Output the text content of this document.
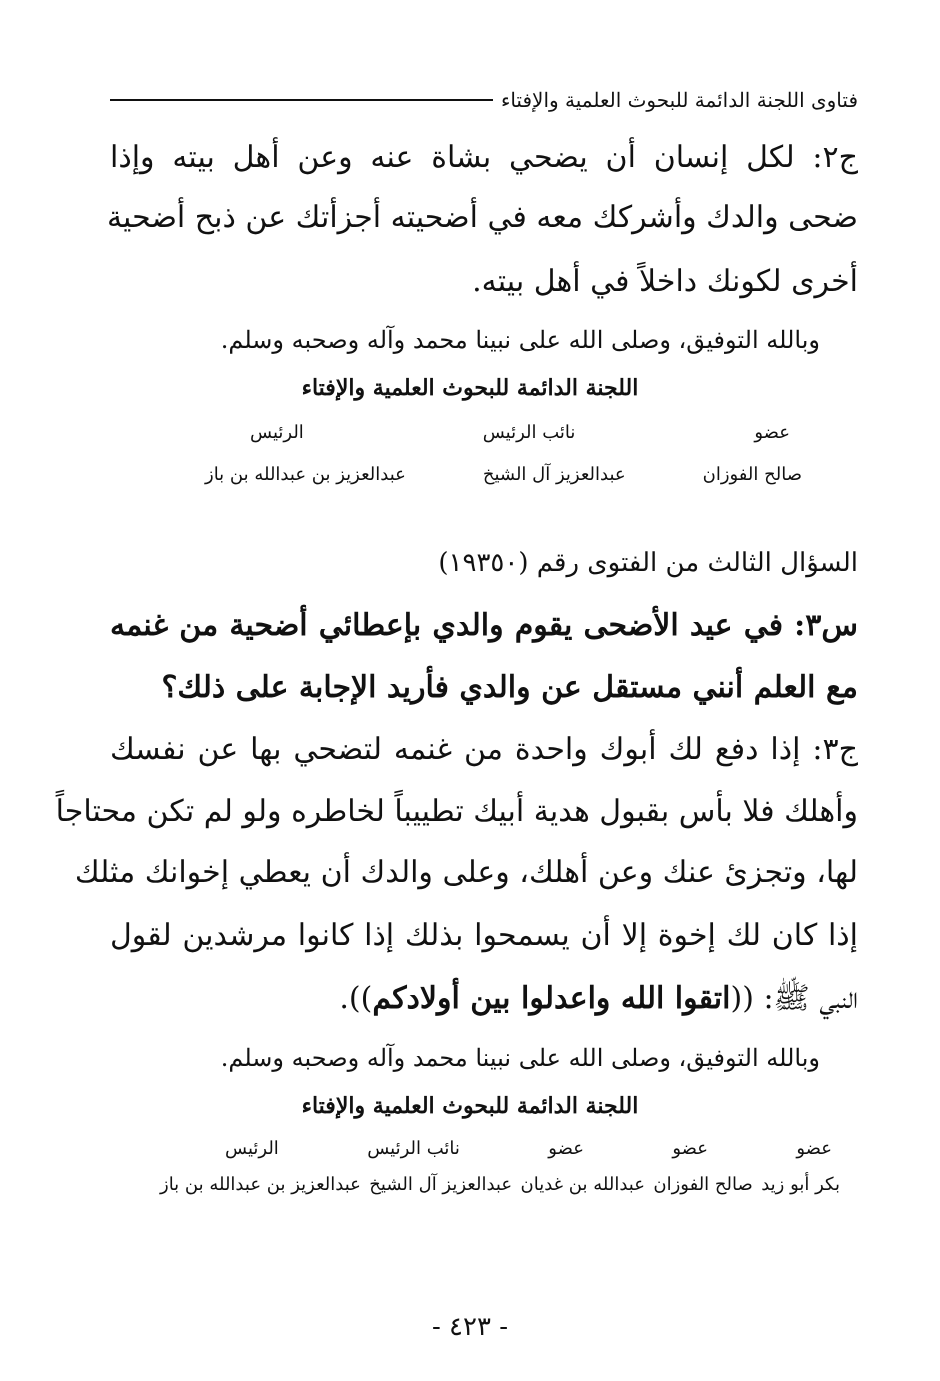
فتاوى اللجنة الدائمة للبحوث العلمية والإفتاء
ج٢: لكل إنسان أن يضحي بشاة عنه وعن أهل بيته وإذا
ضحى والدك وأشركك معه في أضحيته أجزأتك عن ذبح أضحية
أخرى لكونك داخلاً في أهل بيته.
وبالله التوفيق، وصلى الله على نبينا محمد وآله وصحبه وسلم.
اللجنة الدائمة للبحوث العلمية والإفتاء
عضو
نائب الرئيس
الرئيس
صالح الفوزان
عبدالعزيز آل الشيخ
عبدالعزيز بن عبدالله بن باز
السؤال الثالث من الفتوى رقم (١٩٣٥٠)
س٣: في عيد الأضحى يقوم والدي بإعطائي أضحية من غنمه
مع العلم أنني مستقل عن والدي فأريد الإجابة على ذلك؟
ج٣: إذا دفع لك أبوك واحدة من غنمه لتضحي بها عن نفسك
وأهلك فلا بأس بقبول هدية أبيك تطييباً لخاطره ولو لم تكن محتاجاً
لها، وتجزئ عنك وعن أهلك، وعلى والدك أن يعطي إخوانك مثلك
إذا كان لك إخوة إلا أن يسمحوا بذلك إذا كانوا مرشدين لقول
النبي ﷺ: ((اتقوا الله واعدلوا بين أولادكم)).
وبالله التوفيق، وصلى الله على نبينا محمد وآله وصحبه وسلم.
اللجنة الدائمة للبحوث العلمية والإفتاء
عضو
عضو
عضو
نائب الرئيس
الرئيس
بكر أبو زيد
صالح الفوزان
عبدالله بن غديان
عبدالعزيز آل الشيخ
عبدالعزيز بن عبدالله بن باز
- ٤٢٣ -
